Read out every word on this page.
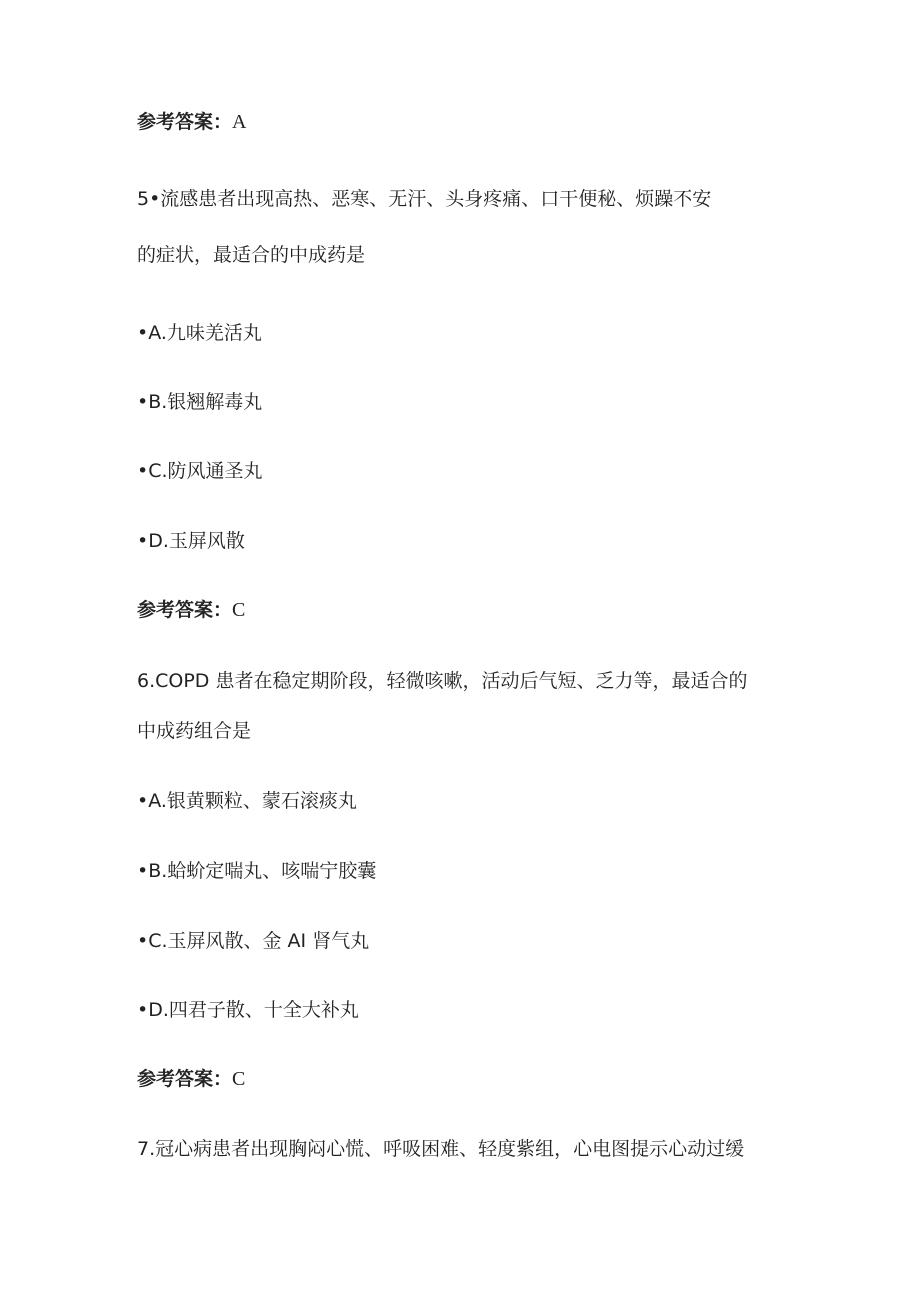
参考答案：A

5•流感患者出现高热、恶寒、无汗、头身疼痛、口干便秘、烦躁不安

的症状，最适合的中成药是

•A.九味羌活丸

•B.银翘解毒丸

•C.防风通圣丸

•D.玉屏风散

参考答案：C

6.COPD 患者在稳定期阶段，轻微咳嗽，活动后气短、乏力等，最适合的

中成药组合是

•A.银黄颗粒、蒙石滚痰丸

•B.蛤蚧定喘丸、咳喘宁胶囊

•C.玉屏风散、金 AI 肾气丸

•D.四君子散、十全大补丸

参考答案：C

7.冠心病患者出现胸闷心慌、呼吸困难、轻度紫组，心电图提示心动过缓
